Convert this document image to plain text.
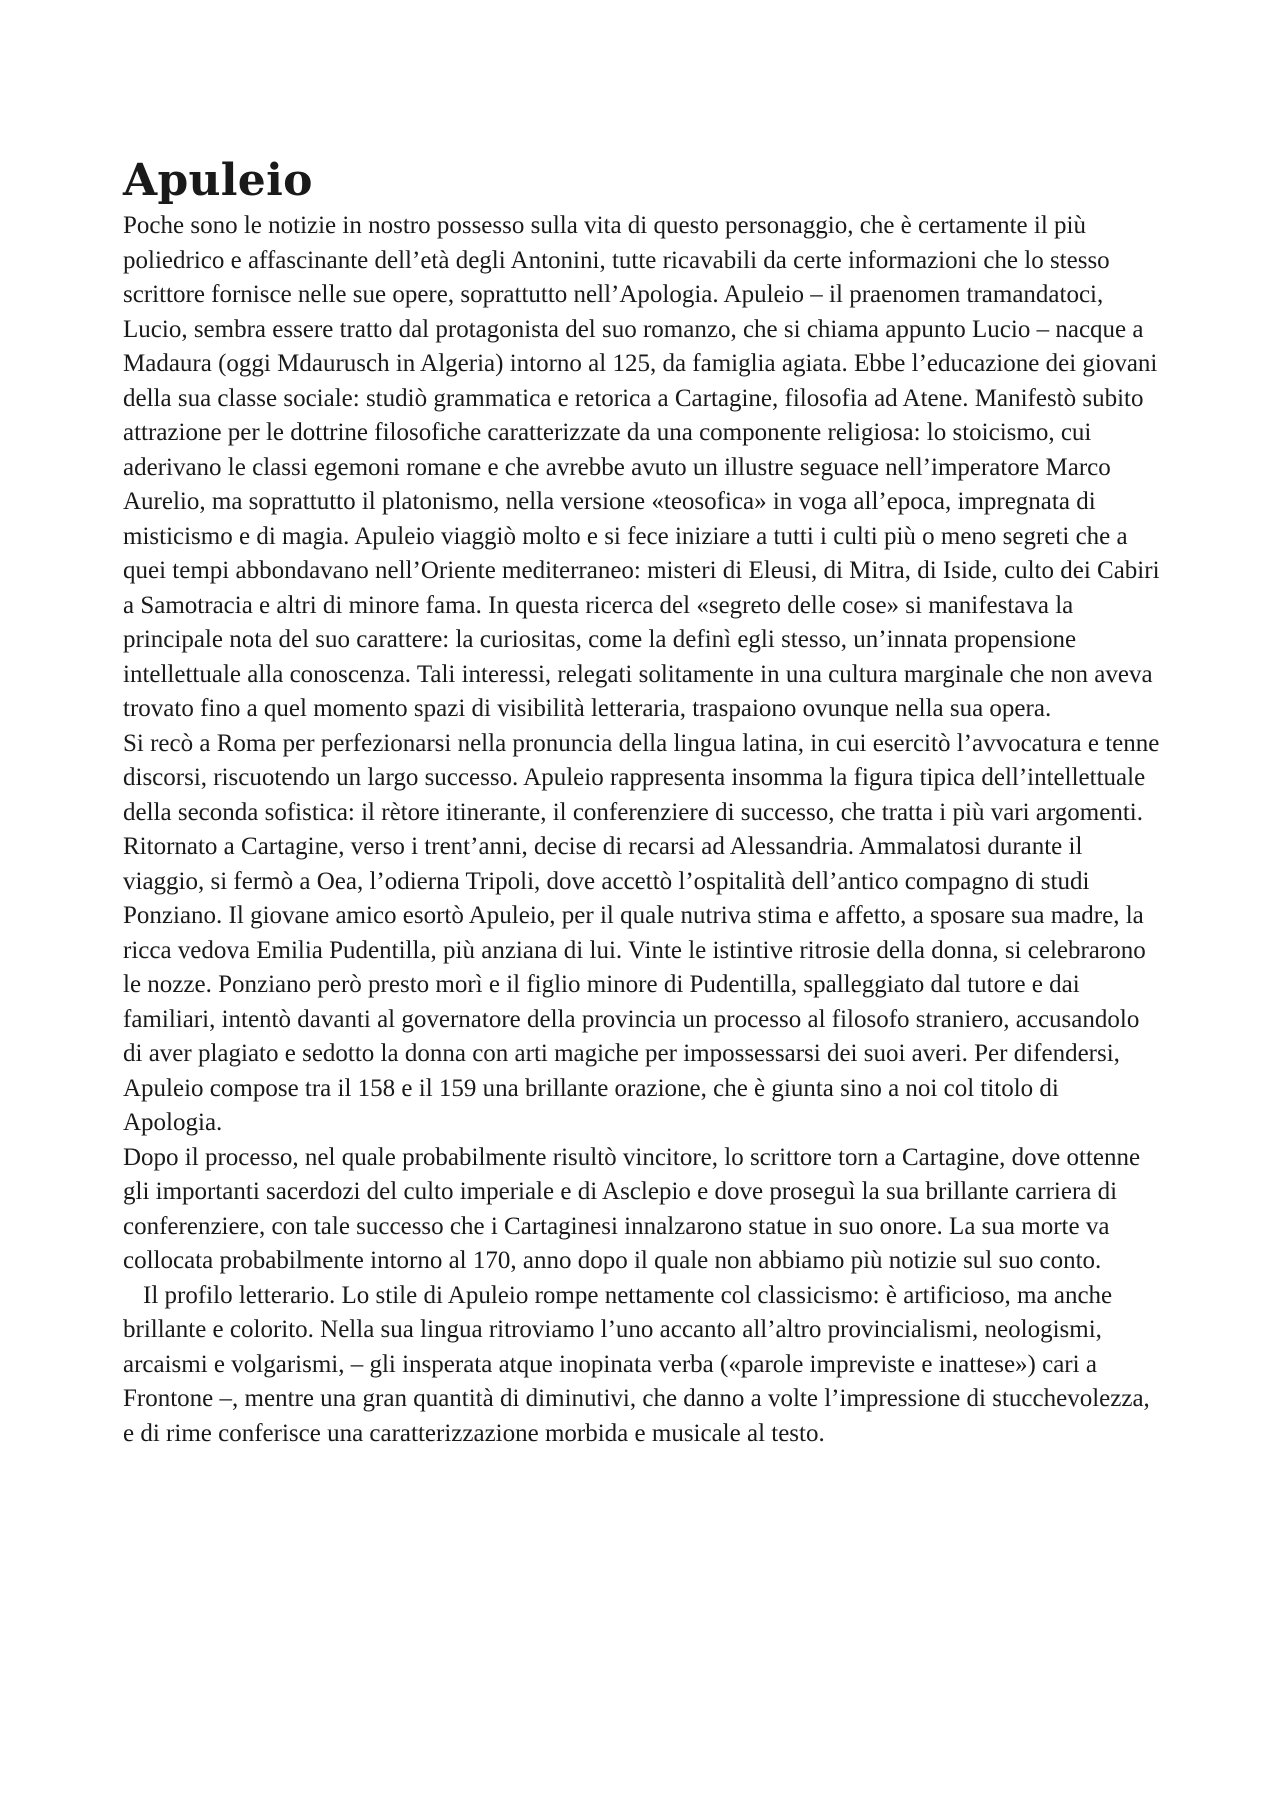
Apuleio

Poche sono le notizie in nostro possesso sulla vita di questo personaggio, che è certamente il più poliedrico e affascinante dell’età degli Antonini, tutte ricavabili da certe informazioni che lo stesso scrittore fornisce nelle sue opere, soprattutto nell’Apologia. Apuleio – il praenomen tramandatoci, Lucio, sembra essere tratto dal protagonista del suo romanzo, che si chiama appunto Lucio – nacque a Madaura (oggi Mdaurusch in Algeria) intorno al 125, da famiglia agiata. Ebbe l’educazione dei giovani della sua classe sociale: studiò grammatica e retorica a Cartagine, filosofia ad Atene. Manifestò subito attrazione per le dottrine filosofiche caratterizzate da una componente religiosa: lo stoicismo, cui aderivano le classi egemoni romane e che avrebbe avuto un illustre seguace nell’imperatore Marco Aurelio, ma soprattutto il platonismo, nella versione «teosofica» in voga all’epoca, impregnata di misticismo e di magia. Apuleio viaggiò molto e si fece iniziare a tutti i culti più o meno segreti che a quei tempi abbondavano nell’Oriente mediterraneo: misteri di Eleusi, di Mitra, di Iside, culto dei Cabiri a Samotracia e altri di minore fama. In questa ricerca del «segreto delle cose» si manifestava la principale nota del suo carattere: la curiositas, come la definì egli stesso, un’innata propensione intellettuale alla conoscenza. Tali interessi, relegati solitamente in una cultura marginale che non aveva trovato fino a quel momento spazi di visibilità letteraria, traspaiono ovunque nella sua opera.

Si recò a Roma per perfezionarsi nella pronuncia della lingua latina, in cui esercitò l’avvocatura e tenne discorsi, riscuotendo un largo successo. Apuleio rappresenta insomma la figura tipica dell’intellettuale della seconda sofistica: il rètore itinerante, il conferenziere di successo, che tratta i più vari argomenti.

Ritornato a Cartagine, verso i trent’anni, decise di recarsi ad Alessandria. Ammalatosi durante il viaggio, si fermò a Oea, l’odierna Tripoli, dove accettò l’ospitalità dell’antico compagno di studi Ponziano. Il giovane amico esortò Apuleio, per il quale nutriva stima e affetto, a sposare sua madre, la ricca vedova Emilia Pudentilla, più anziana di lui. Vinte le istintive ritrosie della donna, si celebrarono le nozze. Ponziano però presto morì e il figlio minore di Pudentilla, spalleggiato dal tutore e dai familiari, intentò davanti al governatore della provincia un processo al filosofo straniero, accusandolo di aver plagiato e sedotto la donna con arti magiche per impossessarsi dei suoi averi. Per difendersi, Apuleio compose tra il 158 e il 159 una brillante orazione, che è giunta sino a noi col titolo di Apologia.

Dopo il processo, nel quale probabilmente risultò vincitore, lo scrittore torn a Cartagine, dove ottenne gli importanti sacerdozi del culto imperiale e di Asclepio e dove proseguì la sua brillante carriera di conferenziere, con tale successo che i Cartaginesi innalzarono statue in suo onore. La sua morte va collocata probabilmente intorno al 170, anno dopo il quale non abbiamo più notizie sul suo conto.

Il profilo letterario. Lo stile di Apuleio rompe nettamente col classicismo: è artificioso, ma anche brillante e colorito. Nella sua lingua ritroviamo l’uno accanto all’altro provincialismi, neologismi, arcaismi e volgarismi, – gli insperata atque inopinata verba («parole impreviste e inattese») cari a Frontone –, mentre una gran quantità di diminutivi, che danno a volte l’impressione di stucchevolezza, e di rime conferisce una caratterizzazione morbida e musicale al testo.
